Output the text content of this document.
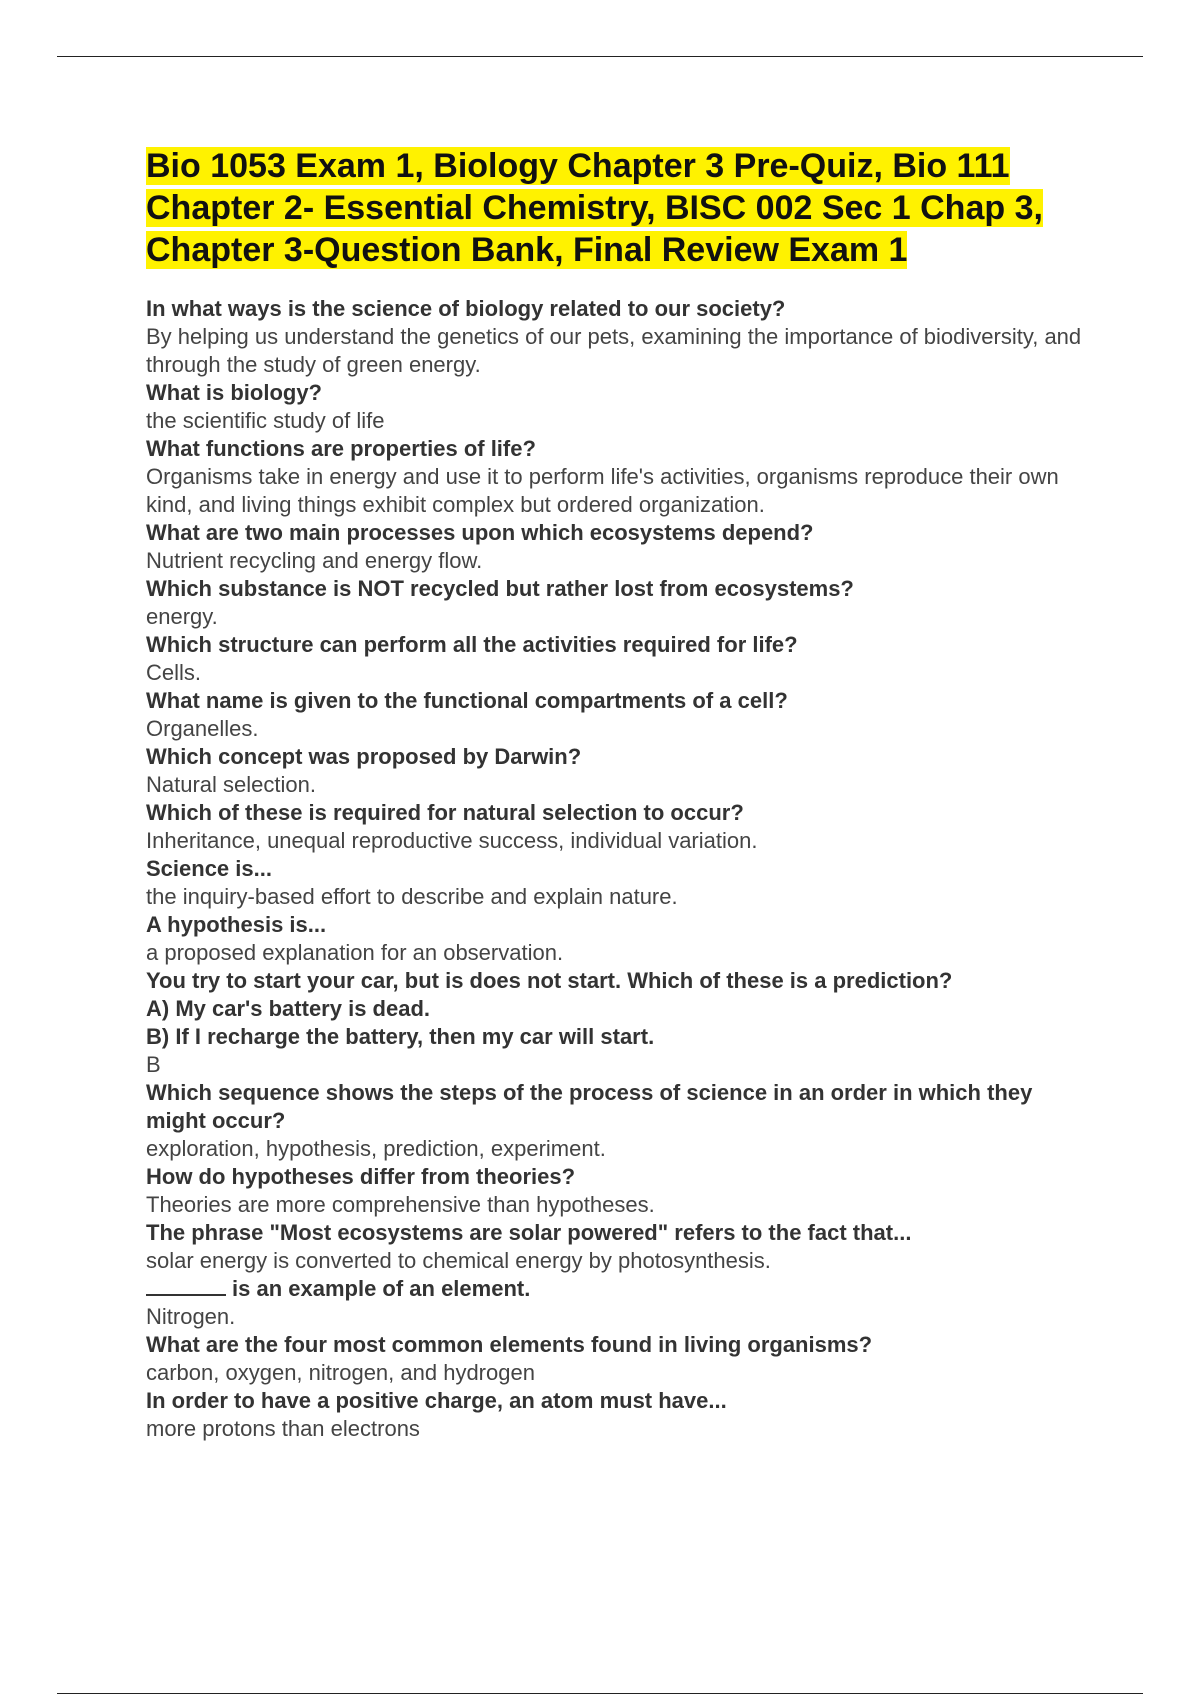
Bio 1053 Exam 1, Biology Chapter 3 Pre-Quiz, Bio 111 Chapter 2- Essential Chemistry, BISC 002 Sec 1 Chap 3, Chapter 3-Question Bank, Final Review Exam 1
In what ways is the science of biology related to our society?
By helping us understand the genetics of our pets, examining the importance of biodiversity, and through the study of green energy.
What is biology?
the scientific study of life
What functions are properties of life?
Organisms take in energy and use it to perform life's activities, organisms reproduce their own kind, and living things exhibit complex but ordered organization.
What are two main processes upon which ecosystems depend?
Nutrient recycling and energy flow.
Which substance is NOT recycled but rather lost from ecosystems?
energy.
Which structure can perform all the activities required for life?
Cells.
What name is given to the functional compartments of a cell?
Organelles.
Which concept was proposed by Darwin?
Natural selection.
Which of these is required for natural selection to occur?
Inheritance, unequal reproductive success, individual variation.
Science is...
the inquiry-based effort to describe and explain nature.
A hypothesis is...
a proposed explanation for an observation.
You try to start your car, but is does not start. Which of these is a prediction?
A) My car's battery is dead.
B) If I recharge the battery, then my car will start.
B
Which sequence shows the steps of the process of science in an order in which they might occur?
exploration, hypothesis, prediction, experiment.
How do hypotheses differ from theories?
Theories are more comprehensive than hypotheses.
The phrase "Most ecosystems are solar powered" refers to the fact that...
solar energy is converted to chemical energy by photosynthesis.
is an example of an element.
Nitrogen.
What are the four most common elements found in living organisms?
carbon, oxygen, nitrogen, and hydrogen
In order to have a positive charge, an atom must have...
more protons than electrons
